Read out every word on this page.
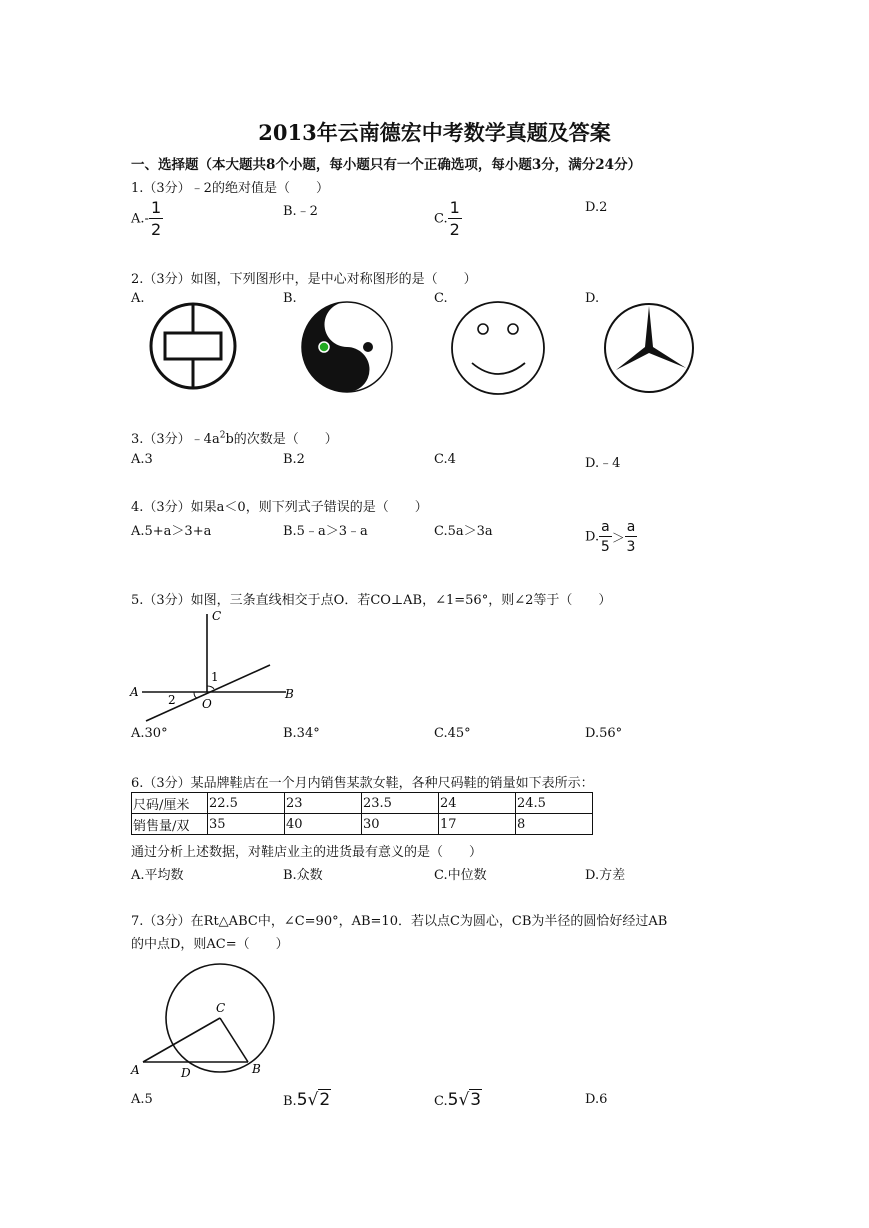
2013年云南德宏中考数学真题及答案
一、选择题（本大题共8个小题，每小题只有一个正确选项，每小题3分，满分24分）
1.（3分）﹣2的绝对值是（　　）
$A.- \frac{1}{2}$	B.﹣2	C. $\frac{1}{2}$	D.2
2.（3分）如图，下列图形中，是中心对称图形的是（　　）
A.	B.	C.	D.
3.（3分）$﹣4a^2b$的次数是（　　）
A.3	B.2	C.4	D.﹣4
4.（3分）如果a＜0，则下列式子错误的是（　　）
A.5+a＞3+a	B.5﹣a＞3﹣a	C.5a＞3a	D. $\frac{a}{5} > \frac{a}{3}$
5.（3分）如图，三条直线相交于点O．若CO⊥AB，∠1=56°，则∠2等于（　　）
C
1
A
2 O
B
A.30°	B.34°	C.45°	D.56°
6.（3分）某品牌鞋店在一个月内销售某款女鞋，各种尺码鞋的销量如下表所示：
尺码/厘米	22.5	23	23.5	24	24.5
销售量/双	35	40	30	17	8
通过分析上述数据，对鞋店业主的进货最有意义的是（　　）
A.平均数	B.众数	C.中位数	D.方差
7.（3分）在Rt△ABC中，∠C=90°，AB=10．若以点C为圆心，CB为半径的圆恰好经过AB
的中点D，则AC=（　　）
C
A	D	B
A.5	B.5√2	C.5√3	D.6
